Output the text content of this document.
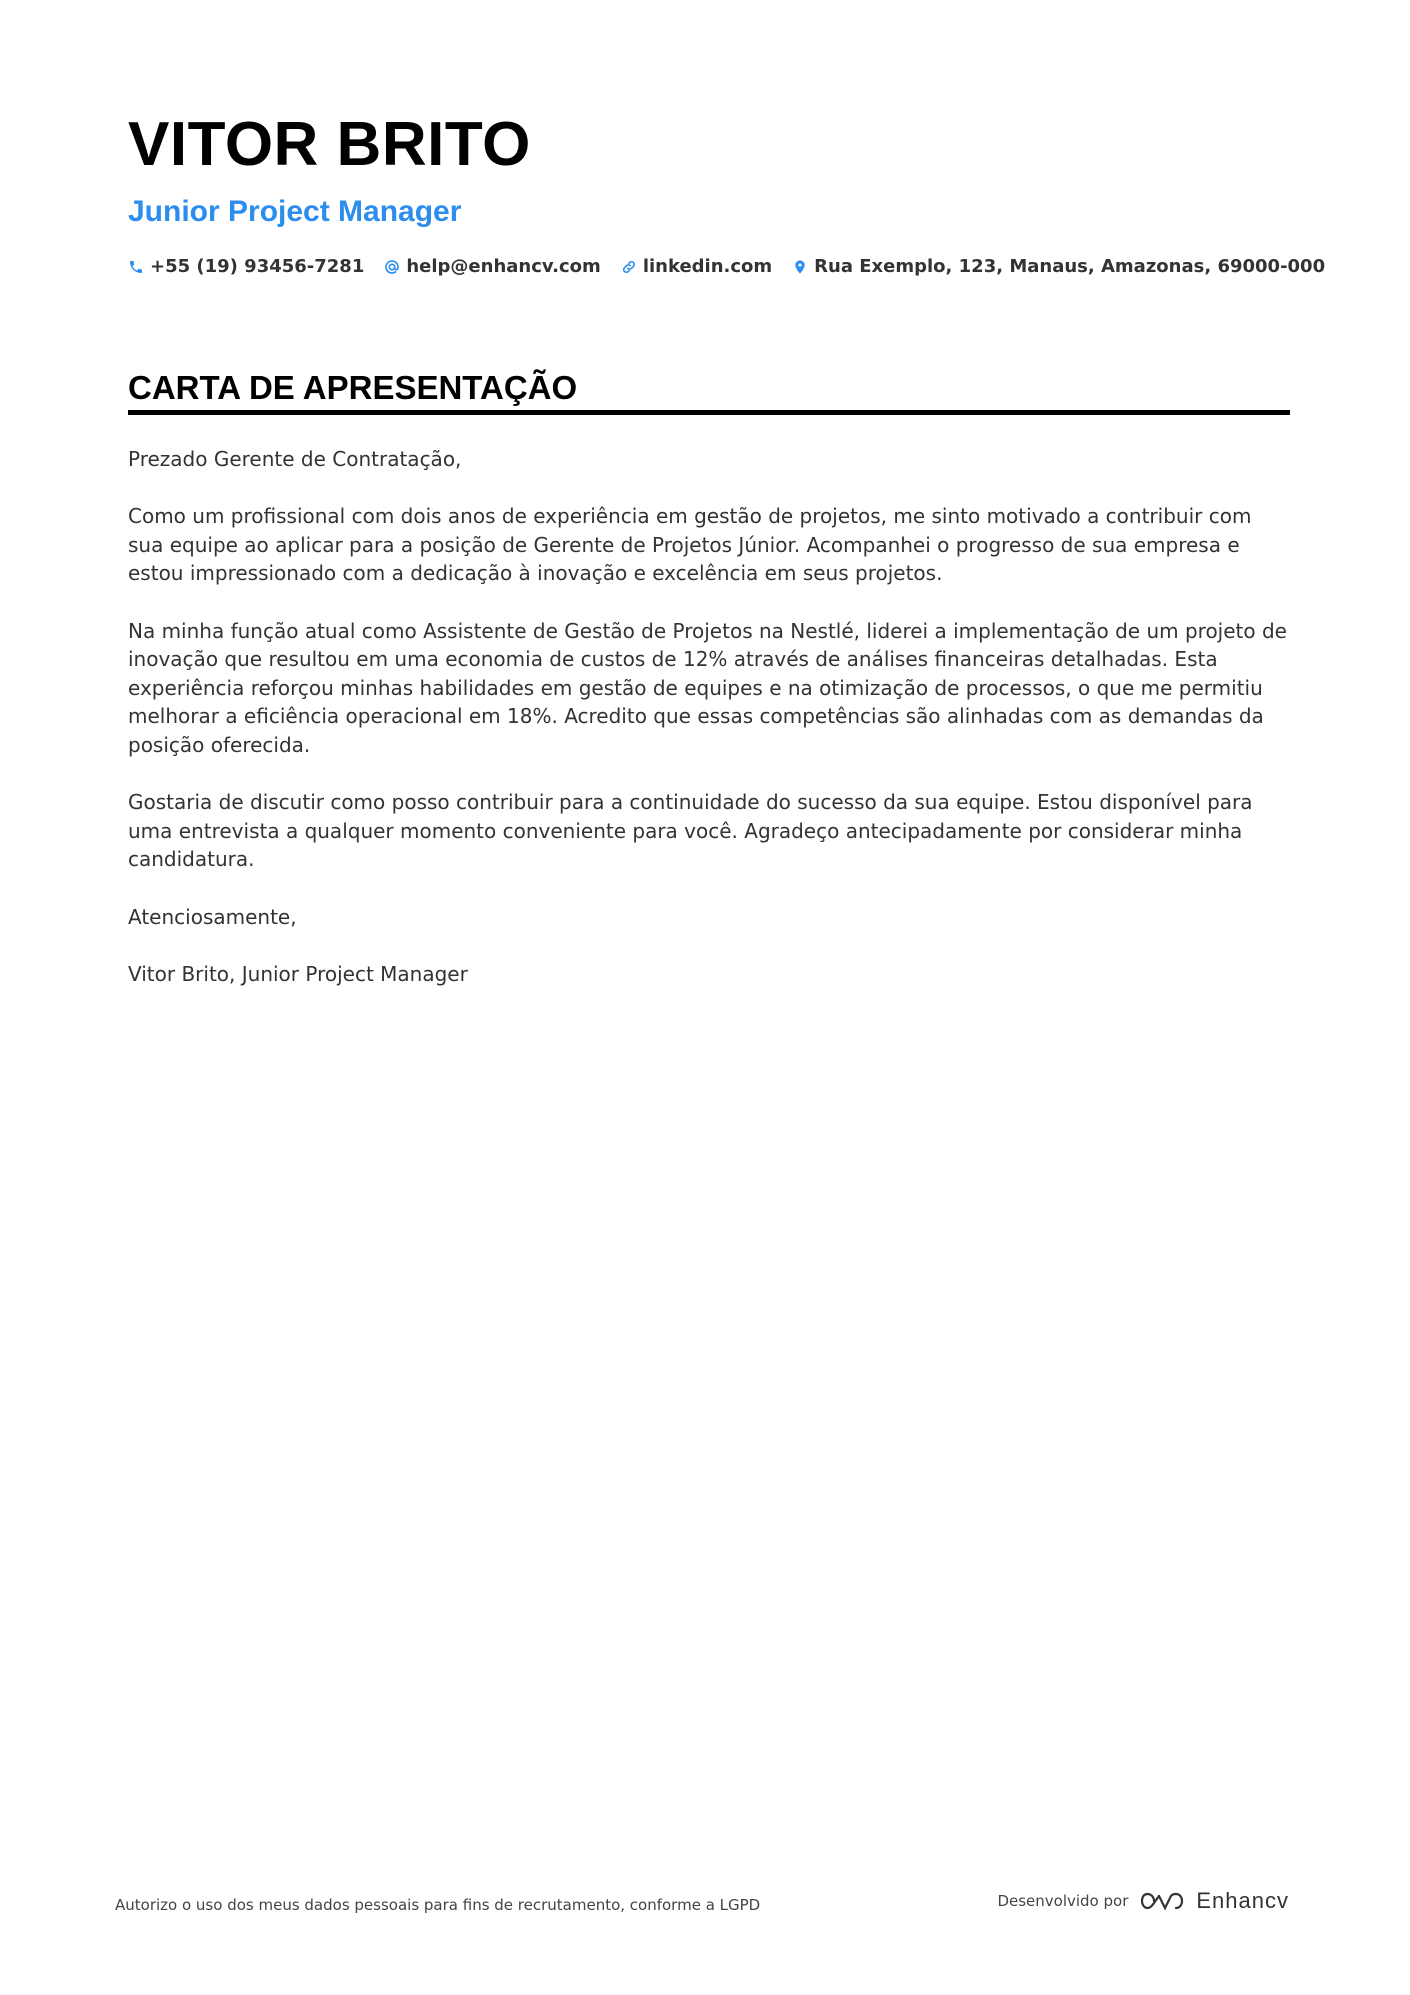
VITOR BRITO
Junior Project Manager
+55 (19) 93456-7281 help@enhancv.com linkedin.com Rua Exemplo, 123, Manaus, Amazonas, 69000-000
CARTA DE APRESENTAÇÃO

Prezado Gerente de Contratação,

Como um profissional com dois anos de experiência em gestão de projetos, me sinto motivado a contribuir com sua equipe ao aplicar para a posição de Gerente de Projetos Júnior. Acompanhei o progresso de sua empresa e estou impressionado com a dedicação à inovação e excelência em seus projetos.

Na minha função atual como Assistente de Gestão de Projetos na Nestlé, liderei a implementação de um projeto de inovação que resultou em uma economia de custos de 12% através de análises financeiras detalhadas. Esta experiência reforçou minhas habilidades em gestão de equipes e na otimização de processos, o que me permitiu melhorar a eficiência operacional em 18%. Acredito que essas competências são alinhadas com as demandas da posição oferecida.

Gostaria de discutir como posso contribuir para a continuidade do sucesso da sua equipe. Estou disponível para uma entrevista a qualquer momento conveniente para você. Agradeço antecipadamente por considerar minha candidatura.

Atenciosamente,

Vitor Brito, Junior Project Manager

Autorizo o uso dos meus dados pessoais para fins de recrutamento, conforme a LGPD	Desenvolvido por	Enhancv
